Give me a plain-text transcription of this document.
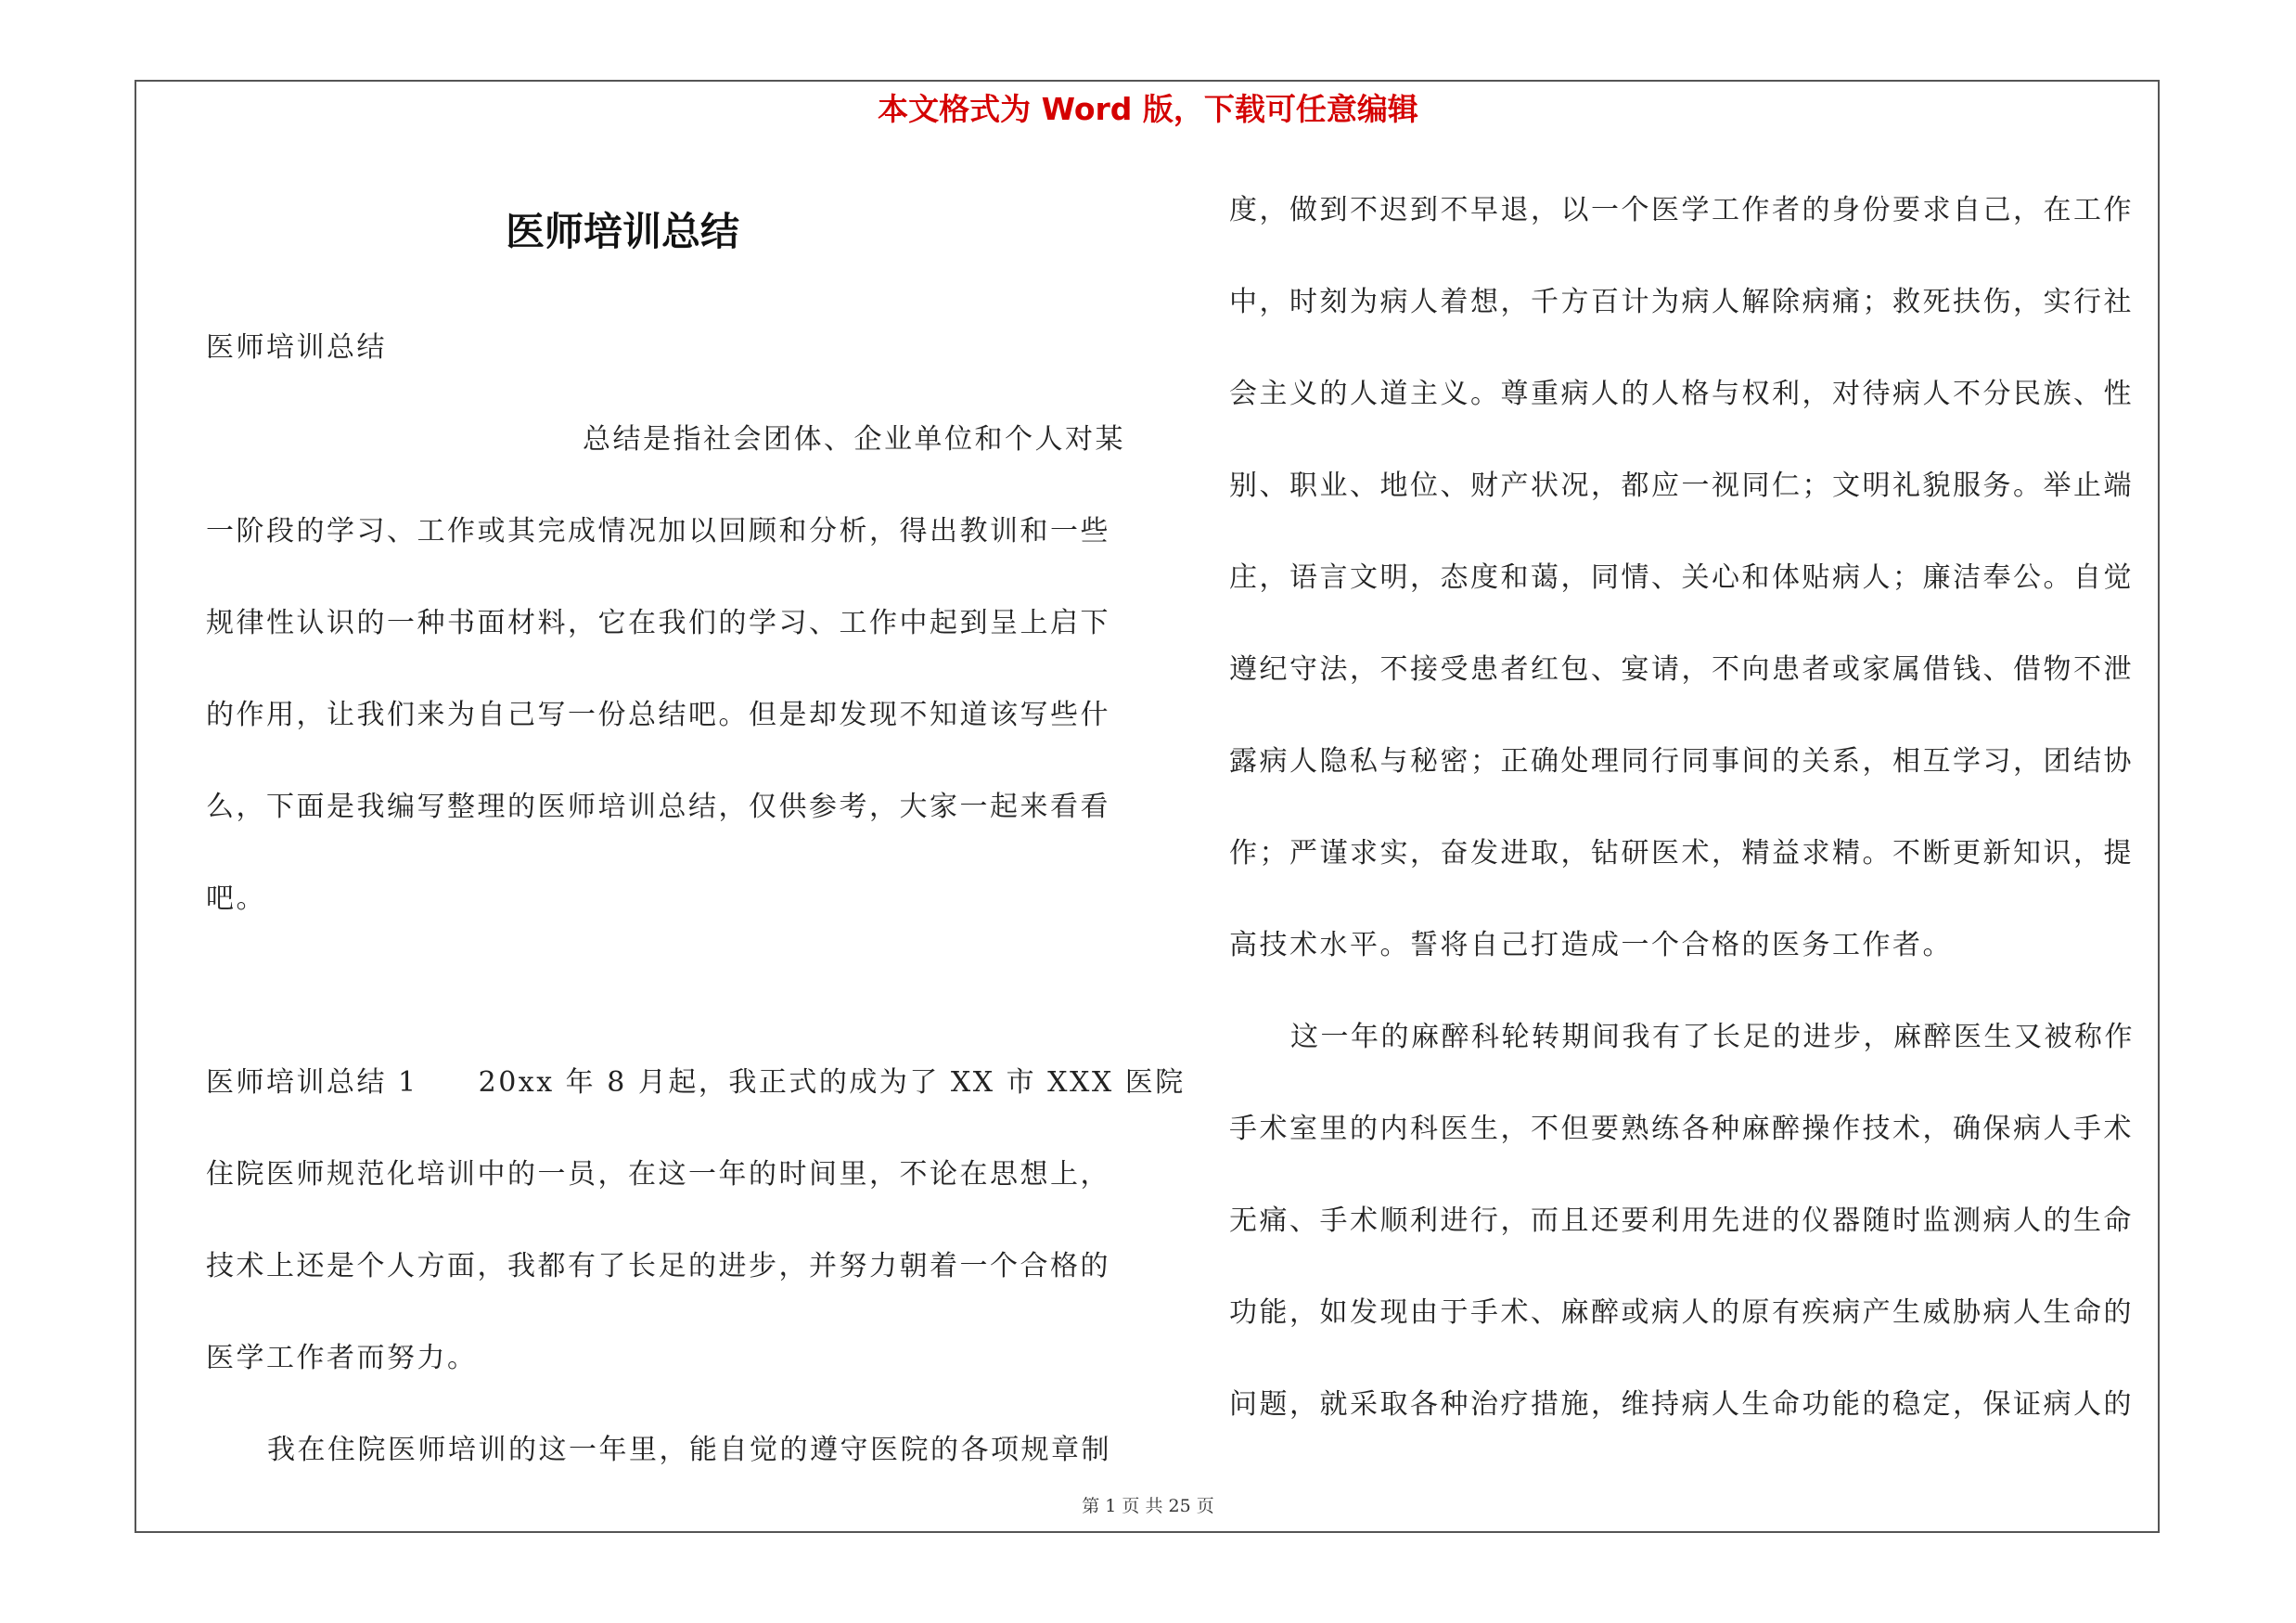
本文格式为 Word 版，下载可任意编辑
医师培训总结
医师培训总结
总结是指社会团体、企业单位和个人对某
一阶段的学习、工作或其完成情况加以回顾和分析，得出教训和一些
规律性认识的一种书面材料，它在我们的学习、工作中起到呈上启下
的作用，让我们来为自己写一份总结吧。但是却发现不知道该写些什
么，下面是我编写整理的医师培训总结，仅供参考，大家一起来看看
吧。
医师培训总结 1　　20xx 年 8 月起，我正式的成为了 XX 市 XXX 医院
住院医师规范化培训中的一员，在这一年的时间里，不论在思想上，
技术上还是个人方面，我都有了长足的进步，并努力朝着一个合格的
医学工作者而努力。
我在住院医师培训的这一年里，能自觉的遵守医院的各项规章制
度，做到不迟到不早退，以一个医学工作者的身份要求自己，在工作
中，时刻为病人着想，千方百计为病人解除病痛；救死扶伤，实行社
会主义的人道主义。尊重病人的人格与权利，对待病人不分民族、性
别、职业、地位、财产状况，都应一视同仁；文明礼貌服务。举止端
庄，语言文明，态度和蔼，同情、关心和体贴病人；廉洁奉公。自觉
遵纪守法，不接受患者红包、宴请，不向患者或家属借钱、借物不泄
露病人隐私与秘密；正确处理同行同事间的关系，相互学习，团结协
作；严谨求实，奋发进取，钻研医术，精益求精。不断更新知识，提
高技术水平。誓将自己打造成一个合格的医务工作者。
这一年的麻醉科轮转期间我有了长足的进步，麻醉医生又被称作
手术室里的内科医生，不但要熟练各种麻醉操作技术，确保病人手术
无痛、手术顺利进行，而且还要利用先进的仪器随时监测病人的生命
功能，如发现由于手术、麻醉或病人的原有疾病产生威胁病人生命的
问题，就采取各种治疗措施，维持病人生命功能的稳定，保证病人的
第 1 页 共 25 页
